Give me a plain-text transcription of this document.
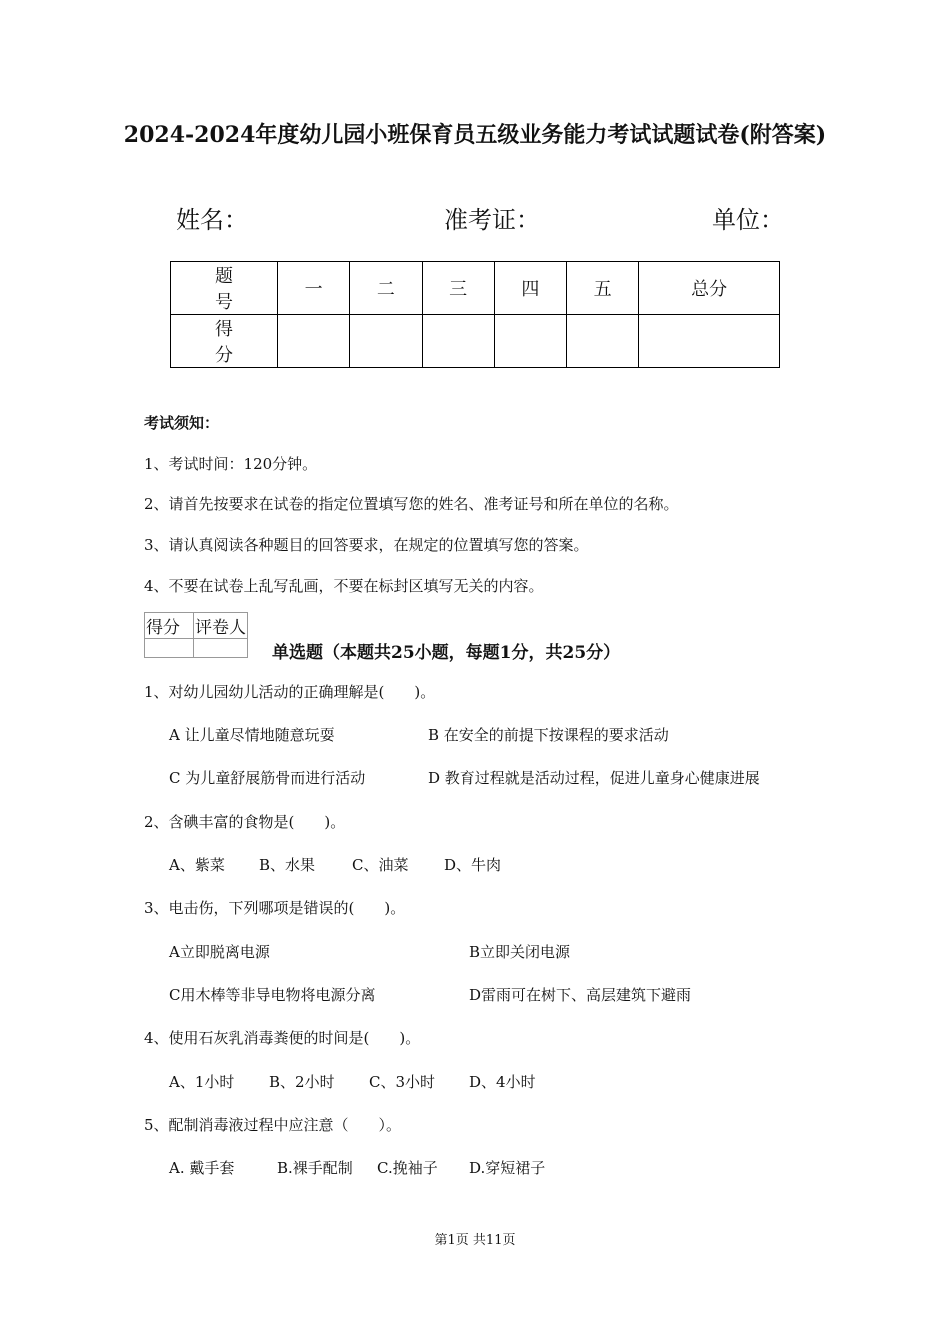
2024-2024年度幼儿园小班保育员五级业务能力考试试题试卷(附答案)
姓名：	准考证：	单位：
题 号	一	二	三	四	五	总分
得 分						
考试须知：
1、考试时间：120分钟。
2、请首先按要求在试卷的指定位置填写您的姓名、准考证号和所在单位的名称。
3、请认真阅读各种题目的回答要求，在规定的位置填写您的答案。
4、不要在试卷上乱写乱画，不要在标封区填写无关的内容。
得分	评卷人

单选题（本题共25小题，每题1分，共25分）
1、对幼儿园幼儿活动的正确理解是(　　)。
A 让儿童尽情地随意玩耍	B 在安全的前提下按课程的要求活动
C 为儿童舒展筋骨而进行活动	D 教育过程就是活动过程，促进儿童身心健康进展
2、含碘丰富的食物是(　　)。
A、紫菜 B、水果 C、油菜 D、牛肉
3、电击伤，下列哪项是错误的(　　)。
A立即脱离电源	B立即关闭电源
C用木棒等非导电物将电源分离	D雷雨可在树下、高层建筑下避雨
4、使用石灰乳消毒粪便的时间是(　　)。
A、1小时 B、2小时 C、3小时 D、4小时
5、配制消毒液过程中应注意（　　）。
A. 戴手套	B.裸手配制 C.挽袖子 D.穿短裙子
第1页 共11页
